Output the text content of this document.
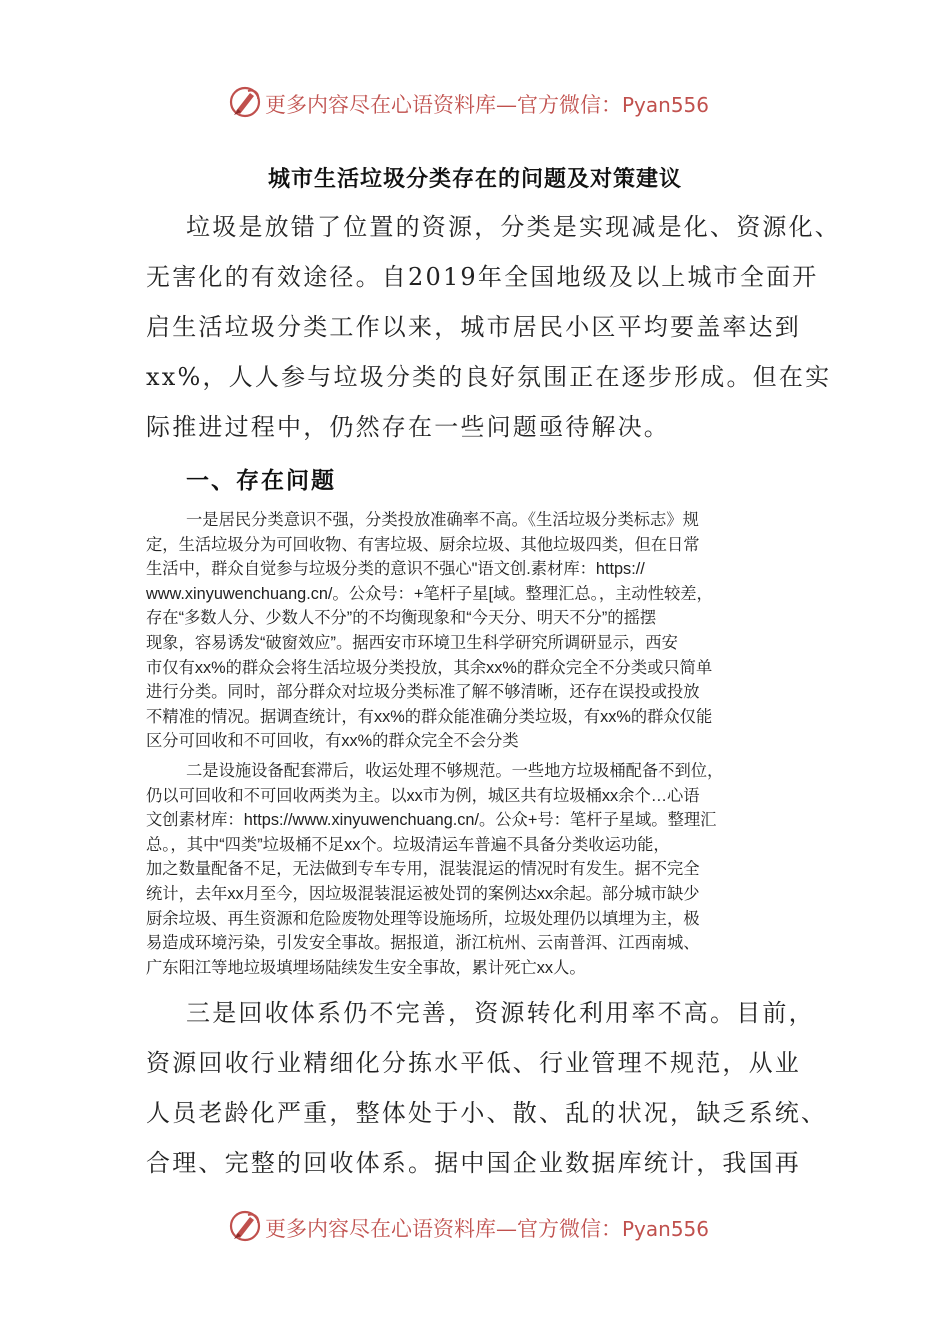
更多内容尽在心语资料库—官方微信：Pyan556
城市生活垃圾分类存在的问题及对策建议
垃圾是放错了位置的资源，分类是实现减是化、资源化、
无害化的有效途径。自2019年全国地级及以上城市全面开
启生活垃圾分类工作以来，城市居民小区平均要盖率达到
xx%，人人参与垃圾分类的良好氛围正在逐步形成。但在实
际推进过程中，仍然存在一些问题亟待解决。
一、存在问题
一是居民分类意识不强，分类投放准确率不高。《生活垃圾分类标志》规
定，生活垃圾分为可回收物、有害垃圾、厨余垃圾、其他垃圾四类，但在日常
生活中，群众自觉参与垃圾分类的意识不强心"语文创.素材库：https://
www.xinyuwenchuang.cn/。公众号：+笔杆子星[域。整理汇总。，主动性较差，
存在“多数人分、少数人不分”的不均衡现象和“今天分、明天不分”的摇摆
现象，容易诱发“破窗效应”。据西安市环境卫生科学研究所调研显示，西安
市仅有xx%的群众会将生活垃圾分类投放，其余xx%的群众完全不分类或只简单
进行分类。同时，部分群众对垃圾分类标准了解不够清晰，还存在误投或投放
不精准的情况。据调查统计，有xx%的群众能准确分类垃圾，有xx%的群众仅能
区分可回收和不可回收，有xx%的群众完全不会分类
二是设施设备配套滞后，收运处理不够规范。一些地方垃圾桶配备不到位，
仍以可回收和不可回收两类为主。以xx市为例，城区共有垃圾桶xx余个…心语
文创素材库：https://www.xinyuwenchuang.cn/。公众+号：笔杆子星域。整理汇
总。，其中“四类”垃圾桶不足xx个。垃圾清运车普遍不具备分类收运功能，
加之数量配备不足，无法做到专车专用，混装混运的情况时有发生。据不完全
统计，去年xx月至今，因垃圾混装混运被处罚的案例达xx余起。部分城市缺少
厨余垃圾、再生资源和危险废物处理等设施场所，垃圾处理仍以填埋为主，极
易造成环境污染，引发安全事故。据报道，浙江杭州、云南普洱、江西南城、
广东阳江等地垃圾填埋场陆续发生安全事故，累计死亡xx人。
三是回收体系仍不完善，资源转化利用率不高。目前，
资源回收行业精细化分拣水平低、行业管理不规范，从业
人员老龄化严重，整体处于小、散、乱的状况，缺乏系统、
合理、完整的回收体系。据中国企业数据库统计，我国再
更多内容尽在心语资料库—官方微信：Pyan556
